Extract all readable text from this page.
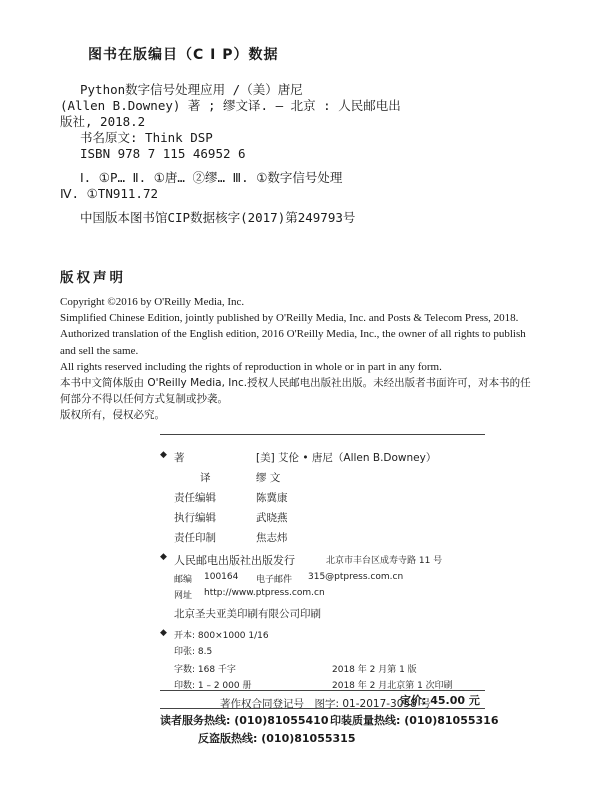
图书在版编目（C I P）数据
Python数字信号处理应用 /（美）唐尼
(Allen B.Downey) 著 ; 缪文译. — 北京 : 人民邮电出
版社, 2018.2
书名原文: Think DSP
ISBN 978 7 115 46952 6
Ⅰ. ①P… Ⅱ. ①唐… ②缪… Ⅲ. ①数字信号处理
Ⅳ. ①TN911.72
中国版本图书馆CIP数据核字(2017)第249793号
版权声明
Copyright ©2016 by O'Reilly Media, Inc.
Simplified Chinese Edition, jointly published by O'Reilly Media, Inc. and Posts & Telecom Press, 2018.
Authorized translation of the English edition, 2016 O'Reilly Media, Inc., the owner of all rights to publish
and sell the same.
All rights reserved including the rights of reproduction in whole or in part in any form.
本书中文简体版由 O'Reilly Media, Inc.授权人民邮电出版社出版。未经出版者书面许可，对本书的任
何部分不得以任何方式复制或抄袭。
版权所有，侵权必究。
◆ 著	[美] 艾伦 • 唐尼（Allen B.Downey）
译	缪 文
责任编辑	陈冀康
执行编辑	武晓燕
责任印制	焦志炜
◆ 人民邮电出版社出版发行	北京市丰台区成寿寺路 11 号
邮编 100164 电子邮件 315@ptpress.com.cn
网址 http://www.ptpress.com.cn
北京圣夫亚美印刷有限公司印刷
◆ 开本: 800×1000 1/16
印张: 8.5
字数: 168 千字	2018 年 2 月第 1 版
印数: 1 – 2 000 册	2018 年 2 月北京第 1 次印刷
著作权合同登记号　图字: 01-2017-3058 号
定价: 45.00 元
读者服务热线: (010)81055410 印装质量热线: (010)81055316
反盗版热线: (010)81055315
